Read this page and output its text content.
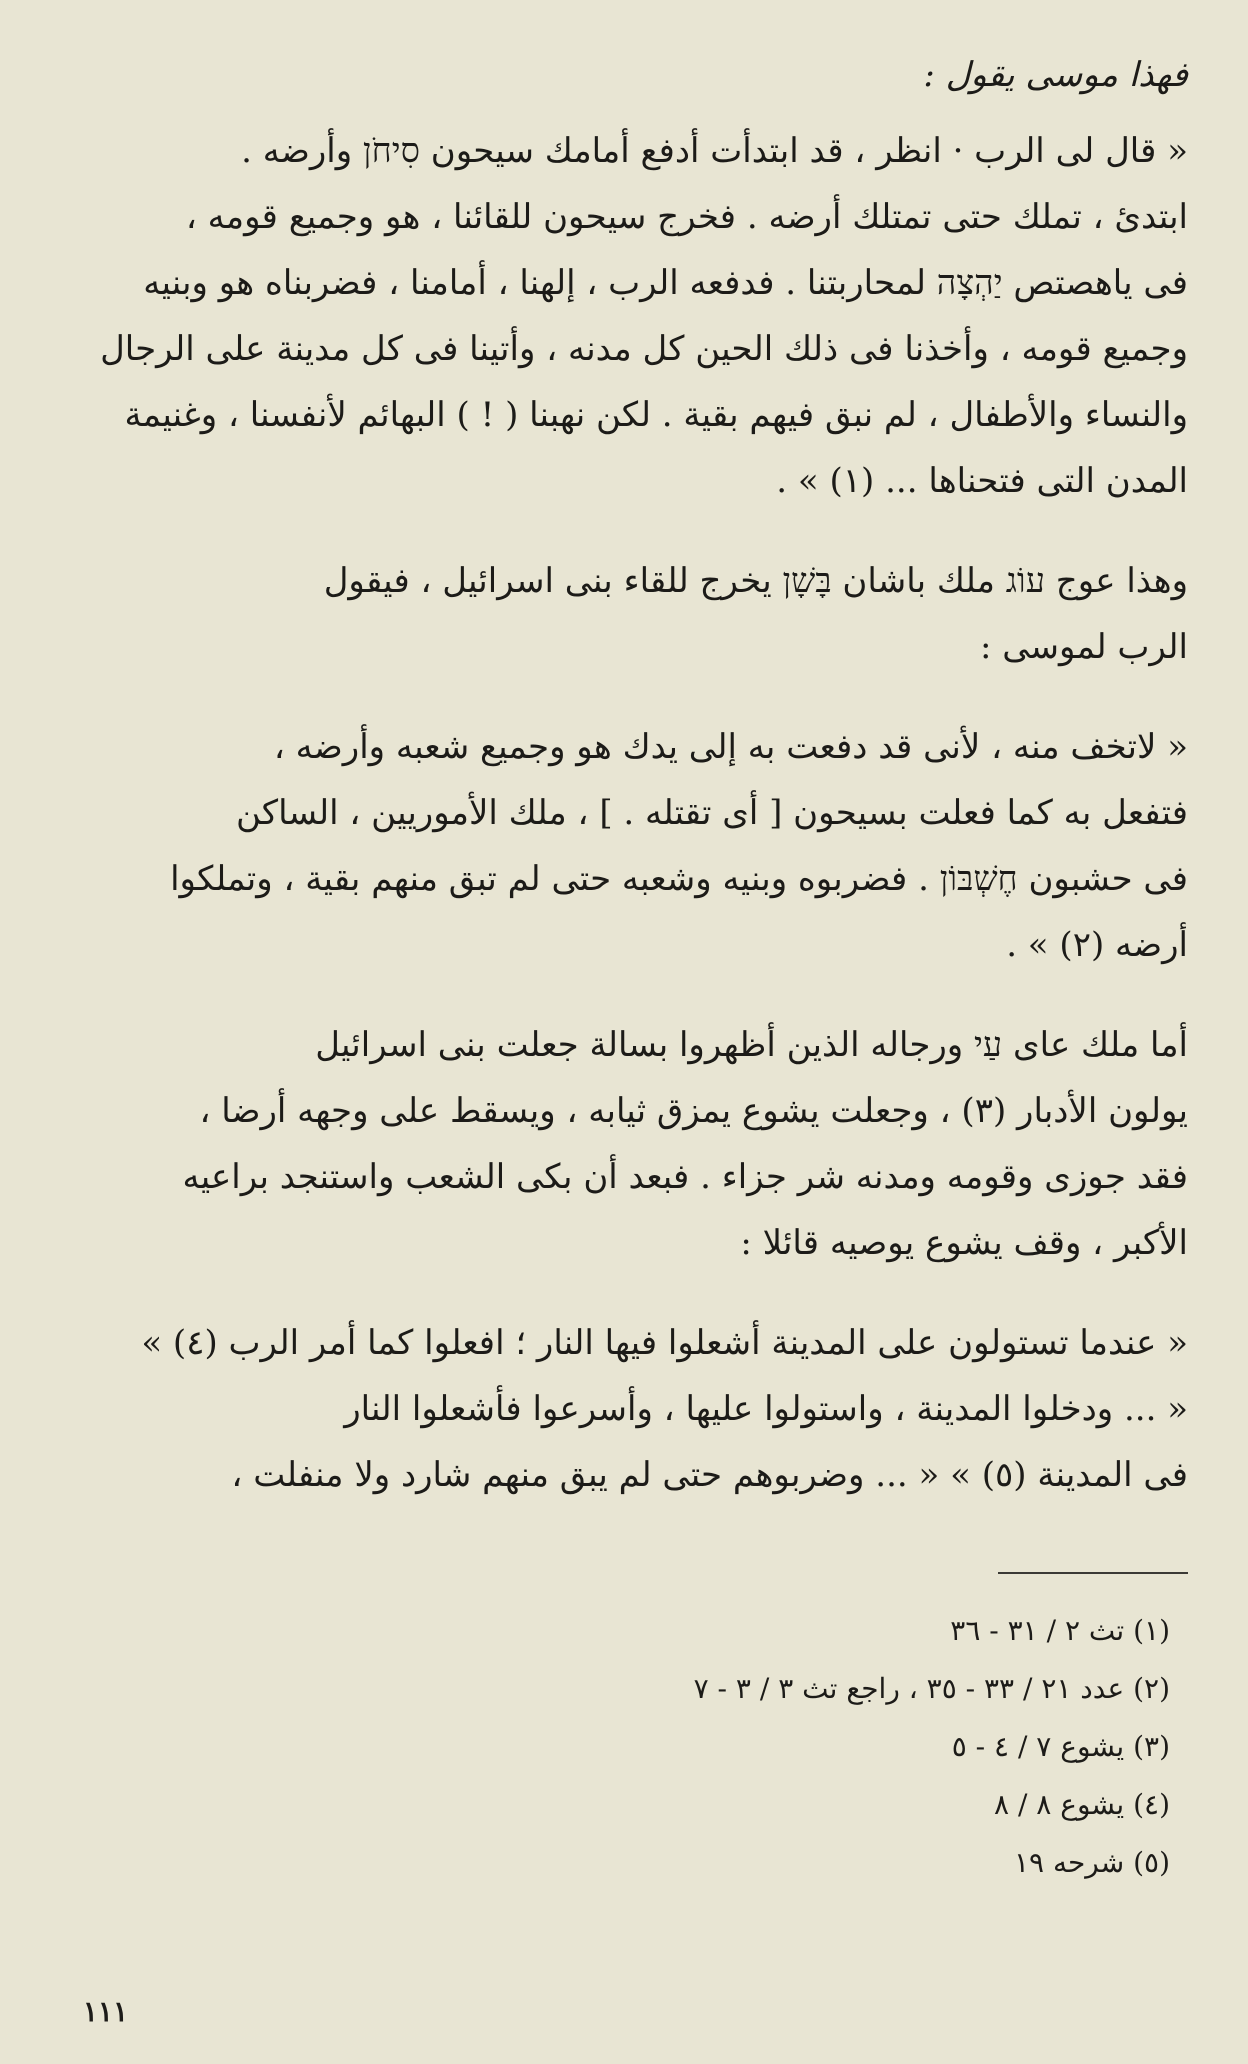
فهذا موسى يقول :
« قال لى الرب · انظر ، قد ابتدأت أدفع أمامك سيحون סִיחֹן وأرضه .
ابتدئ ، تملك حتى تمتلك أرضه . فخرج سيحون للقائنا ، هو وجميع قومه ،
فى ياهصتص יַהְצָה لمحاربتنا . فدفعه الرب ، إلهنا ، أمامنا ، فضربناه هو وبنيه
وجميع قومه ، وأخذنا فى ذلك الحين كل مدنه ، وأتينا فى كل مدينة على الرجال
والنساء والأطفال ، لم نبق فيهم بقية . لكن نهبنا ( ! ) البهائم لأنفسنا ، وغنيمة
المدن التى فتحناها ... (١) » .
وهذا عوج עוֹג ملك باشان בָּשָׁן يخرج للقاء بنى اسرائيل ، فيقول
الرب لموسى :
« لاتخف منه ، لأنى قد دفعت به إلى يدك هو وجميع شعبه وأرضه ،
فتفعل به كما فعلت بسيحون [ أى تقتله . ] ، ملك الأموريين ، الساكن
فى حشبون חֶשְׁבּוֹן . فضربوه وبنيه وشعبه حتى لم تبق منهم بقية ، وتملكوا
أرضه (٢) » .
أما ملك عاى עַי ورجاله الذين أظهروا بسالة جعلت بنى اسرائيل
يولون الأدبار (٣) ، وجعلت يشوع يمزق ثيابه ، ويسقط على وجهه أرضا ،
فقد جوزى وقومه ومدنه شر جزاء . فبعد أن بكى الشعب واستنجد براعيه
الأكبر ، وقف يشوع يوصيه قائلا :
« عندما تستولون على المدينة أشعلوا فيها النار ؛ افعلوا كما أمر الرب (٤) »
« ... ودخلوا المدينة ، واستولوا عليها ، وأسرعوا فأشعلوا النار
فى المدينة (٥) » « ... وضربوهم حتى لم يبق منهم شارد ولا منفلت ،
(١) تث ٢ / ٣١ - ٣٦
(٢) عدد ٢١ / ٣٣ - ٣٥ ، راجع تث ٣ / ٣ - ٧
(٣) يشوع ٧ / ٤ - ٥
(٤) يشوع ٨ / ٨
(٥) شرحه ١٩
١١١
